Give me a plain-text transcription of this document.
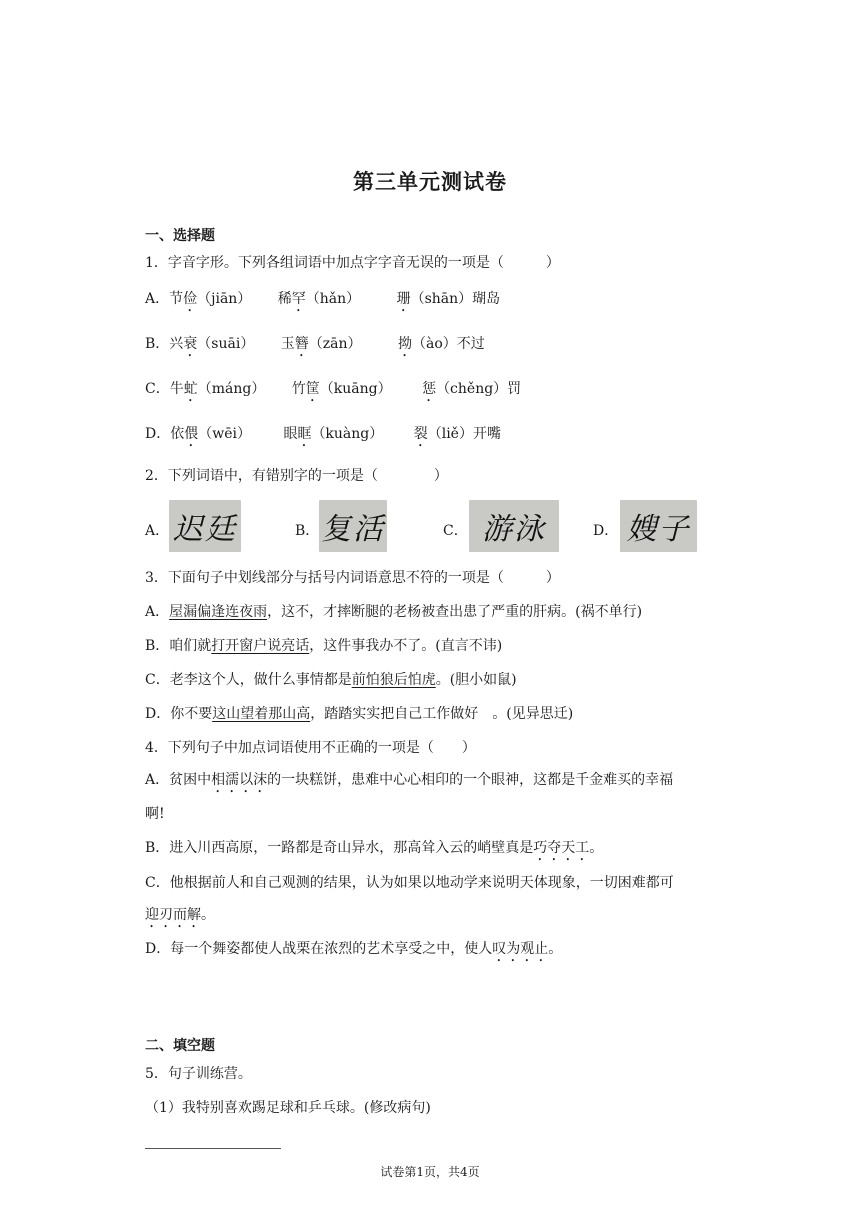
第三单元测试卷
一、选择题
1．字音字形。下列各组词语中加点字字音无误的一项是（　　　）
A．节俭（jiān） 稀罕（hǎn）	珊（shān）瑚岛
B．兴衰（suāi） 玉簪（zān）	拗（ào）不过
C．牛虻（máng） 竹筐（kuāng） 惩（chěng）罚
D．依偎（wēi） 眼眶（kuàng） 裂（liě）开嘴
2．下列词语中，有错别字的一项是（　　　　）
A． 迟廷	B． 复活	C． 游泳	D． 嫂子
3．下面句子中划线部分与括号内词语意思不符的一项是（　　　）
A．屋漏偏逢连夜雨，这不，才摔断腿的老杨被查出患了严重的肝病。(祸不单行)
B．咱们就打开窗户说亮话，这件事我办不了。(直言不讳)
C．老李这个人，做什么事情都是前怕狼后怕虎。(胆小如鼠)
D．你不要这山望着那山高，踏踏实实把自己工作做好　。(见异思迁)
4．下列句子中加点词语使用不正确的一项是（　　）
A．贫困中相濡以沫的一块糕饼，患难中心心相印的一个眼神，这都是千金难买的幸福
啊!
B．进入川西高原，一路都是奇山异水，那高耸入云的峭壁真是巧夺天工。
C．他根据前人和自己观测的结果，认为如果以地动学来说明天体现象，一切困难都可
迎刃而解。
D．每一个舞姿都使人战栗在浓烈的艺术享受之中，使人叹为观止。
二、填空题
5．句子训练营。
（1）我特别喜欢踢足球和乒乓球。(修改病句)
试卷第1页，共4页
